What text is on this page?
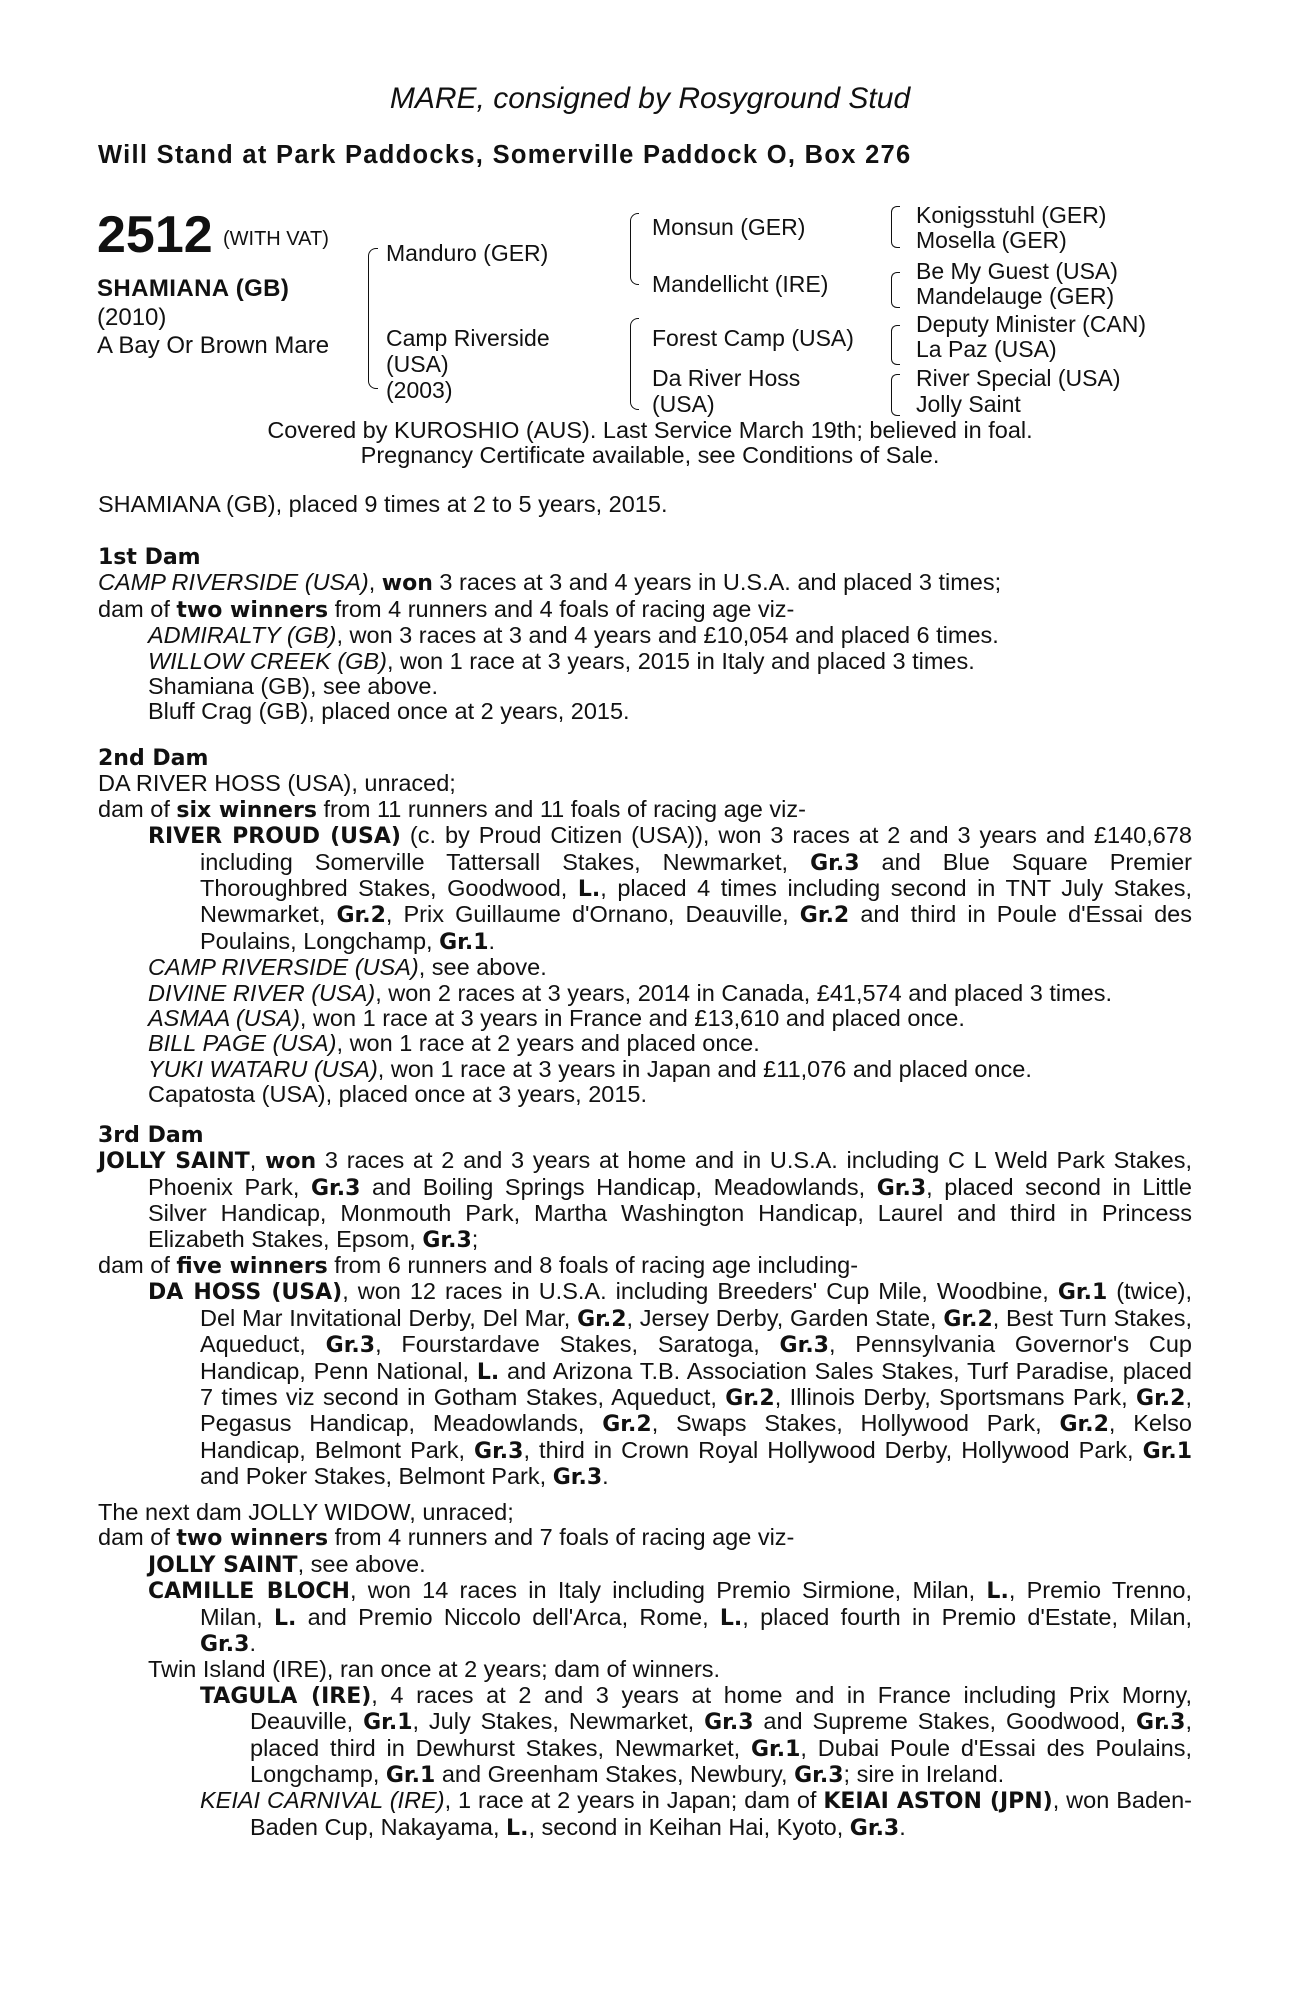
MARE, consigned by Rosyground Stud
Will Stand at Park Paddocks, Somerville Paddock O, Box 276
2512 (WITH VAT)
SHAMIANA (GB)
(2010)
A Bay Or Brown Mare
Manduro (GER)
Camp Riverside
(USA)
(2003)
Monsun (GER)
Mandellicht (IRE)
Forest Camp (USA)
Da River Hoss
(USA)
Konigsstuhl (GER)
Mosella (GER)
Be My Guest (USA)
Mandelauge (GER)
Deputy Minister (CAN)
La Paz (USA)
River Special (USA)
Jolly Saint
Covered by KUROSHIO (AUS). Last Service March 19th; believed in foal.
Pregnancy Certificate available, see Conditions of Sale.

SHAMIANA (GB), placed 9 times at 2 to 5 years, 2015.

1st Dam

CAMP RIVERSIDE (USA), won 3 races at 3 and 4 years in U.S.A. and placed 3 times;

dam of two winners from 4 runners and 4 foals of racing age viz-

ADMIRALTY (GB), won 3 races at 3 and 4 years and £10,054 and placed 6 times.

WILLOW CREEK (GB), won 1 race at 3 years, 2015 in Italy and placed 3 times.

Shamiana (GB), see above.

Bluff Crag (GB), placed once at 2 years, 2015.

2nd Dam

DA RIVER HOSS (USA), unraced;

dam of six winners from 11 runners and 11 foals of racing age viz-

RIVER PROUD (USA) (c. by Proud Citizen (USA)), won 3 races at 2 and 3 years and £140,678 including Somerville Tattersall Stakes, Newmarket, Gr.3 and Blue Square Premier Thoroughbred Stakes, Goodwood, L., placed 4 times including second in TNT July Stakes, Newmarket, Gr.2, Prix Guillaume d'Ornano, Deauville, Gr.2 and third in Poule d'Essai des Poulains, Longchamp, Gr.1.

CAMP RIVERSIDE (USA), see above.

DIVINE RIVER (USA), won 2 races at 3 years, 2014 in Canada, £41,574 and placed 3 times.

ASMAA (USA), won 1 race at 3 years in France and £13,610 and placed once.

BILL PAGE (USA), won 1 race at 2 years and placed once.

YUKI WATARU (USA), won 1 race at 3 years in Japan and £11,076 and placed once.

Capatosta (USA), placed once at 3 years, 2015.

3rd Dam

JOLLY SAINT, won 3 races at 2 and 3 years at home and in U.S.A. including C L Weld Park Stakes, Phoenix Park, Gr.3 and Boiling Springs Handicap, Meadowlands, Gr.3, placed second in Little Silver Handicap, Monmouth Park, Martha Washington Handicap, Laurel and third in Princess Elizabeth Stakes, Epsom, Gr.3;

dam of five winners from 6 runners and 8 foals of racing age including-

DA HOSS (USA), won 12 races in U.S.A. including Breeders' Cup Mile, Woodbine, Gr.1 (twice), Del Mar Invitational Derby, Del Mar, Gr.2, Jersey Derby, Garden State, Gr.2, Best Turn Stakes, Aqueduct, Gr.3, Fourstardave Stakes, Saratoga, Gr.3, Pennsylvania Governor's Cup Handicap, Penn National, L. and Arizona T.B. Association Sales Stakes, Turf Paradise, placed 7 times viz second in Gotham Stakes, Aqueduct, Gr.2, Illinois Derby, Sportsmans Park, Gr.2, Pegasus Handicap, Meadowlands, Gr.2, Swaps Stakes, Hollywood Park, Gr.2, Kelso Handicap, Belmont Park, Gr.3, third in Crown Royal Hollywood Derby, Hollywood Park, Gr.1 and Poker Stakes, Belmont Park, Gr.3.

The next dam JOLLY WIDOW, unraced;

dam of two winners from 4 runners and 7 foals of racing age viz-

JOLLY SAINT, see above.

CAMILLE BLOCH, won 14 races in Italy including Premio Sirmione, Milan, L., Premio Trenno, Milan, L. and Premio Niccolo dell'Arca, Rome, L., placed fourth in Premio d'Estate, Milan, Gr.3.

Twin Island (IRE), ran once at 2 years; dam of winners.

TAGULA (IRE), 4 races at 2 and 3 years at home and in France including Prix Morny, Deauville, Gr.1, July Stakes, Newmarket, Gr.3 and Supreme Stakes, Goodwood, Gr.3, placed third in Dewhurst Stakes, Newmarket, Gr.1, Dubai Poule d'Essai des Poulains, Longchamp, Gr.1 and Greenham Stakes, Newbury, Gr.3; sire in Ireland.

KEIAI CARNIVAL (IRE), 1 race at 2 years in Japan; dam of KEIAI ASTON (JPN), won Baden-Baden Cup, Nakayama, L., second in Keihan Hai, Kyoto, Gr.3.
